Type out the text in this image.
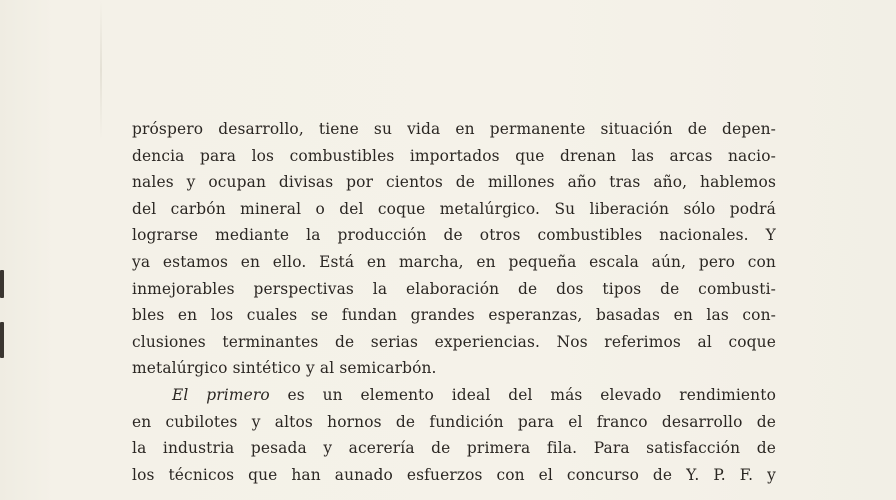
próspero desarrollo, tiene su vida en permanente situación de depen-
dencia para los combustibles importados que drenan las arcas nacio-
nales y ocupan divisas por cientos de millones año tras año, hablemos
del carbón mineral o del coque metalúrgico. Su liberación sólo podrá
lograrse mediante la producción de otros combustibles nacionales. Y
ya estamos en ello. Está en marcha, en pequeña escala aún, pero con
inmejorables perspectivas la elaboración de dos tipos de combusti-
bles en los cuales se fundan grandes esperanzas, basadas en las con-
clusiones terminantes de serias experiencias. Nos referimos al coque
metalúrgico sintético y al semicarbón.
El primero es un elemento ideal del más elevado rendimiento
en cubilotes y altos hornos de fundición para el franco desarrollo de
la industria pesada y acerería de primera fila. Para satisfacción de
los técnicos que han aunado esfuerzos con el concurso de Y. P. F. y
